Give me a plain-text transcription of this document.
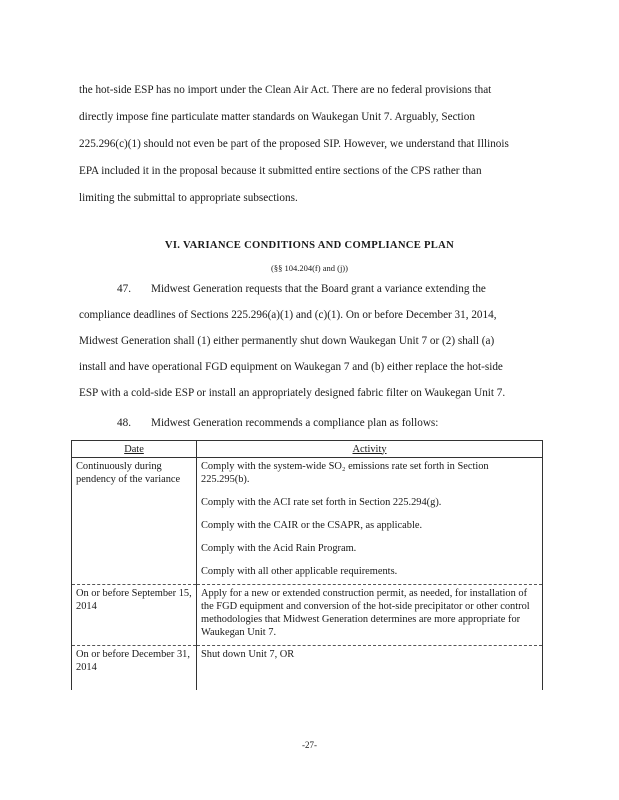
the hot-side ESP has no import under the Clean Air Act. There are no federal provisions that
directly impose fine particulate matter standards on Waukegan Unit 7. Arguably, Section
225.296(c)(1) should not even be part of the proposed SIP. However, we understand that Illinois
EPA included it in the proposal because it submitted entire sections of the CPS rather than
limiting the submittal to appropriate subsections.
VI. VARIANCE CONDITIONS AND COMPLIANCE PLAN
(§§ 104.204(f) and (j))
47. Midwest Generation requests that the Board grant a variance extending the
compliance deadlines of Sections 225.296(a)(1) and (c)(1). On or before December 31, 2014,
Midwest Generation shall (1) either permanently shut down Waukegan Unit 7 or (2) shall (a)
install and have operational FGD equipment on Waukegan 7 and (b) either replace the hot-side
ESP with a cold-side ESP or install an appropriately designed fabric filter on Waukegan Unit 7.
48. Midwest Generation recommends a compliance plan as follows:
Date	Activity
Continuously during pendency of the variance	Comply with the system-wide SO₂ emissions rate set forth in Section 225.295(b).
Comply with the ACI rate set forth in Section 225.294(g).
Comply with the CAIR or the CSAPR, as applicable.
Comply with the Acid Rain Program.
Comply with all other applicable requirements.

On or before September 15, 2014	Apply for a new or extended construction permit, as needed, for installation of the FGD equipment and conversion of the hot-side precipitator or other control methodologies that Midwest Generation determines are more appropriate for Waukegan Unit 7.

On or before December 31, 2014	Shut down Unit 7, OR
-27-
